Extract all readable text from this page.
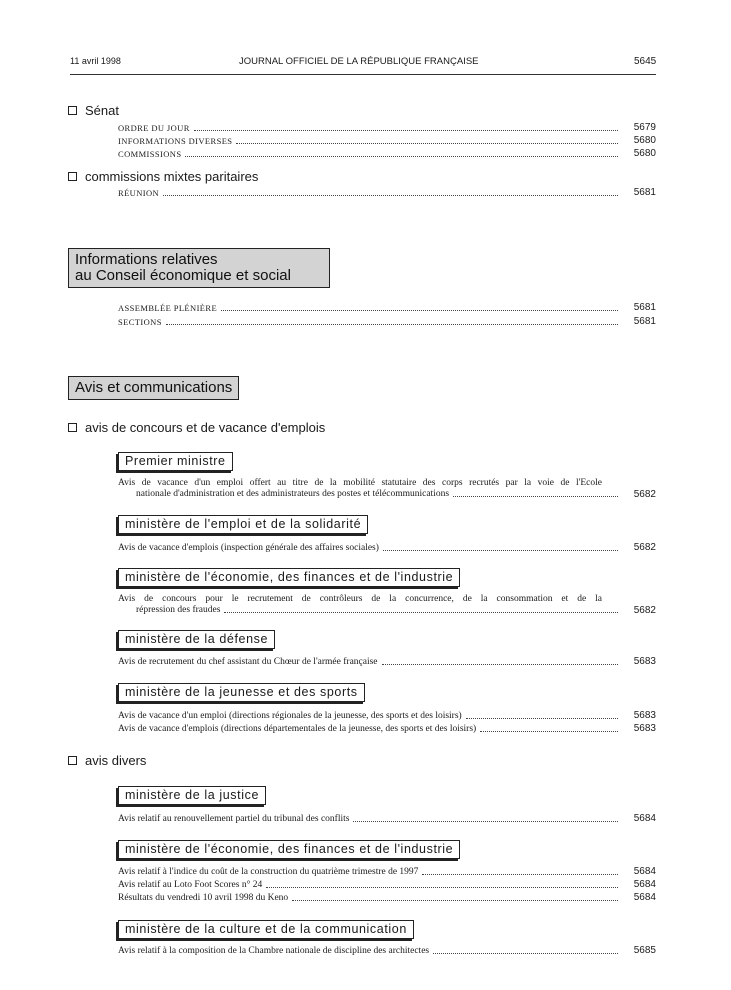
11 avril 1998	JOURNAL OFFICIEL DE LA RÉPUBLIQUE FRANÇAISE	5645
Sénat
ORDRE DU JOUR	5679
INFORMATIONS DIVERSES	5680
COMMISSIONS	5680
commissions mixtes paritaires
RÉUNION	5681
Informations relatives
au Conseil économique et social
ASSEMBLÉE PLÉNIÈRE	5681
SECTIONS	5681
Avis et communications
avis de concours et de vacance d'emplois
Premier ministre
Avis de vacance d'un emploi offert au titre de la mobilité statutaire des corps recrutés par la voie de l'Ecole
nationale d'administration et des administrateurs des postes et télécommunications	5682
ministère de l'emploi et de la solidarité
Avis de vacance d'emplois (inspection générale des affaires sociales)	5682
ministère de l'économie, des finances et de l'industrie
Avis de concours pour le recrutement de contrôleurs de la concurrence, de la consommation et de la
répression des fraudes	5682
ministère de la défense
Avis de recrutement du chef assistant du Chœur de l'armée française	5683
ministère de la jeunesse et des sports
Avis de vacance d'un emploi (directions régionales de la jeunesse, des sports et des loisirs)	5683
Avis de vacance d'emplois (directions départementales de la jeunesse, des sports et des loisirs)	5683
avis divers
ministère de la justice
Avis relatif au renouvellement partiel du tribunal des conflits	5684
ministère de l'économie, des finances et de l'industrie
Avis relatif à l'indice du coût de la construction du quatrième trimestre de 1997	5684
Avis relatif au Loto Foot Scores n° 24	5684
Résultats du vendredi 10 avril 1998 du Keno	5684
ministère de la culture et de la communication
Avis relatif à la composition de la Chambre nationale de discipline des architectes	5685
